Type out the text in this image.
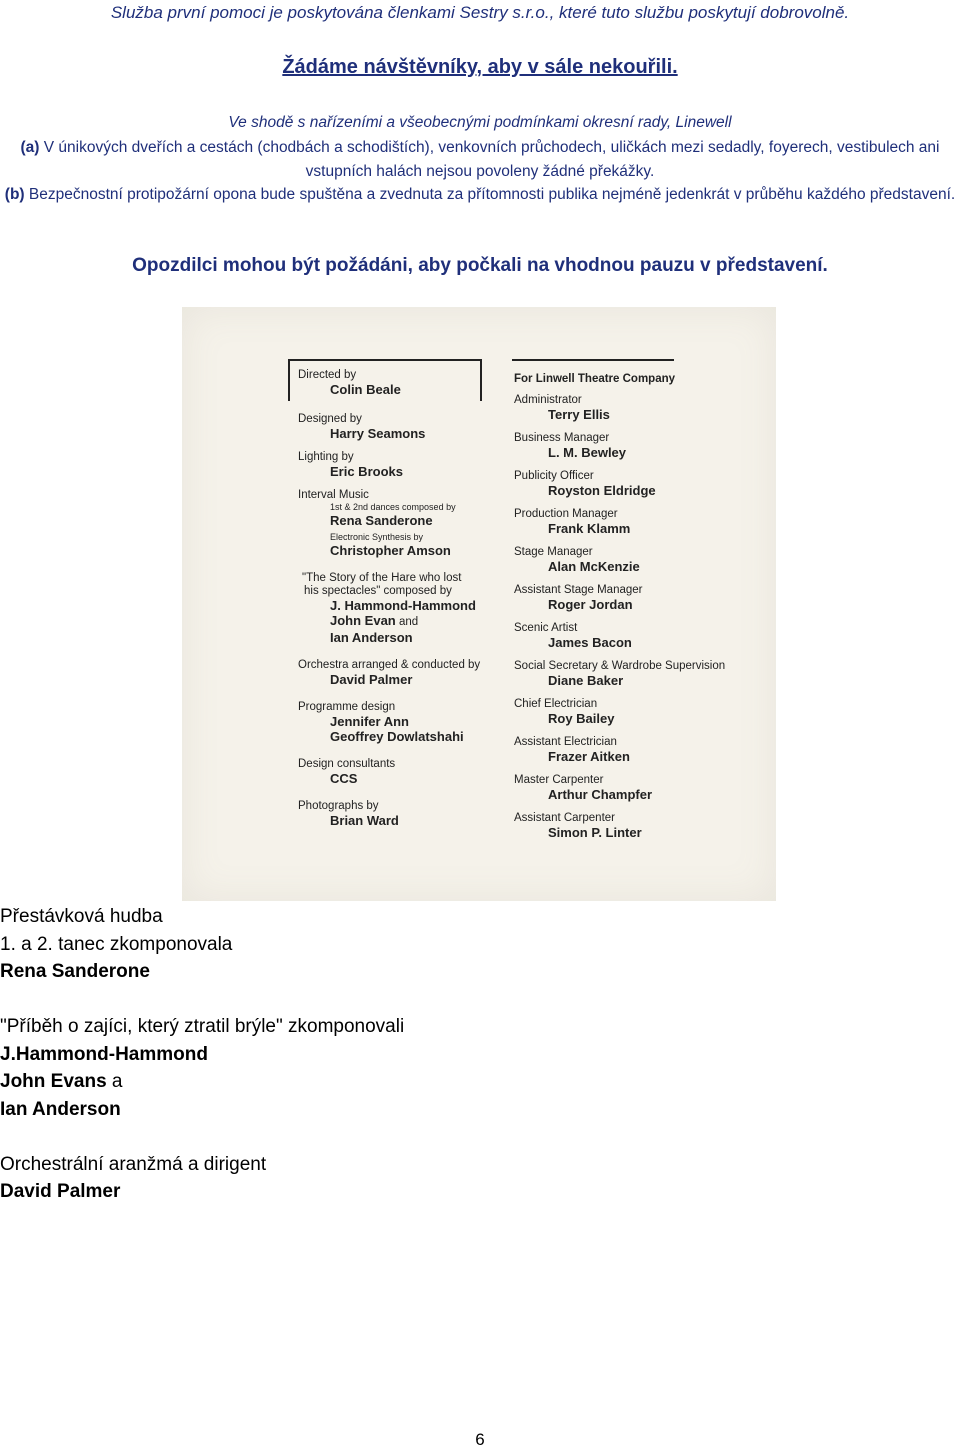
Služba první pomoci je poskytována členkami Sestry s.r.o., které tuto službu poskytují dobrovolně.
Žádáme návštěvníky, aby v sále nekouřili.
Ve shodě s nařízeními a všeobecnými podmínkami okresní rady, Linewell
(a) V únikových dveřích a cestách (chodbách a schodištích), venkovních průchodech, uličkách mezi sedadly, foyerech, vestibulech ani vstupních halách nejsou povoleny žádné překážky.
(b) Bezpečnostní protipožární opona bude spuštěna a zvednuta za přítomnosti publika nejméně jedenkrát v průběhu každého představení.
Opozdilci mohou být požádáni, aby počkali na vhodnou pauzu v představení.
Directed by
Colin Beale
Designed by
Harry Seamons
Lighting by
Eric Brooks
Interval Music
1st & 2nd dances composed by
Rena Sanderone
Electronic Synthesis by
Christopher Amson
"The Story of the Hare who lost
his spectacles" composed by
J. Hammond-Hammond
John Evan and
Ian Anderson
Orchestra arranged & conducted by
David Palmer
Programme design
Jennifer Ann
Geoffrey Dowlatshahi
Design consultants
CCS
Photographs by
Brian Ward
For Linwell Theatre Company
Administrator
Terry Ellis
Business Manager
L. M. Bewley
Publicity Officer
Royston Eldridge
Production Manager
Frank Klamm
Stage Manager
Alan McKenzie
Assistant Stage Manager
Roger Jordan
Scenic Artist
James Bacon
Social Secretary & Wardrobe Supervision
Diane Baker
Chief Electrician
Roy Bailey
Assistant Electrician
Frazer Aitken
Master Carpenter
Arthur Champfer
Assistant Carpenter
Simon P. Linter
Přestávková hudba
1. a 2. tanec zkomponovala
Rena Sanderone
"Příběh o zajíci, který ztratil brýle" zkomponovali
J.Hammond-Hammond
John Evans a
Ian Anderson
Orchestrální aranžmá a dirigent
David Palmer
6
